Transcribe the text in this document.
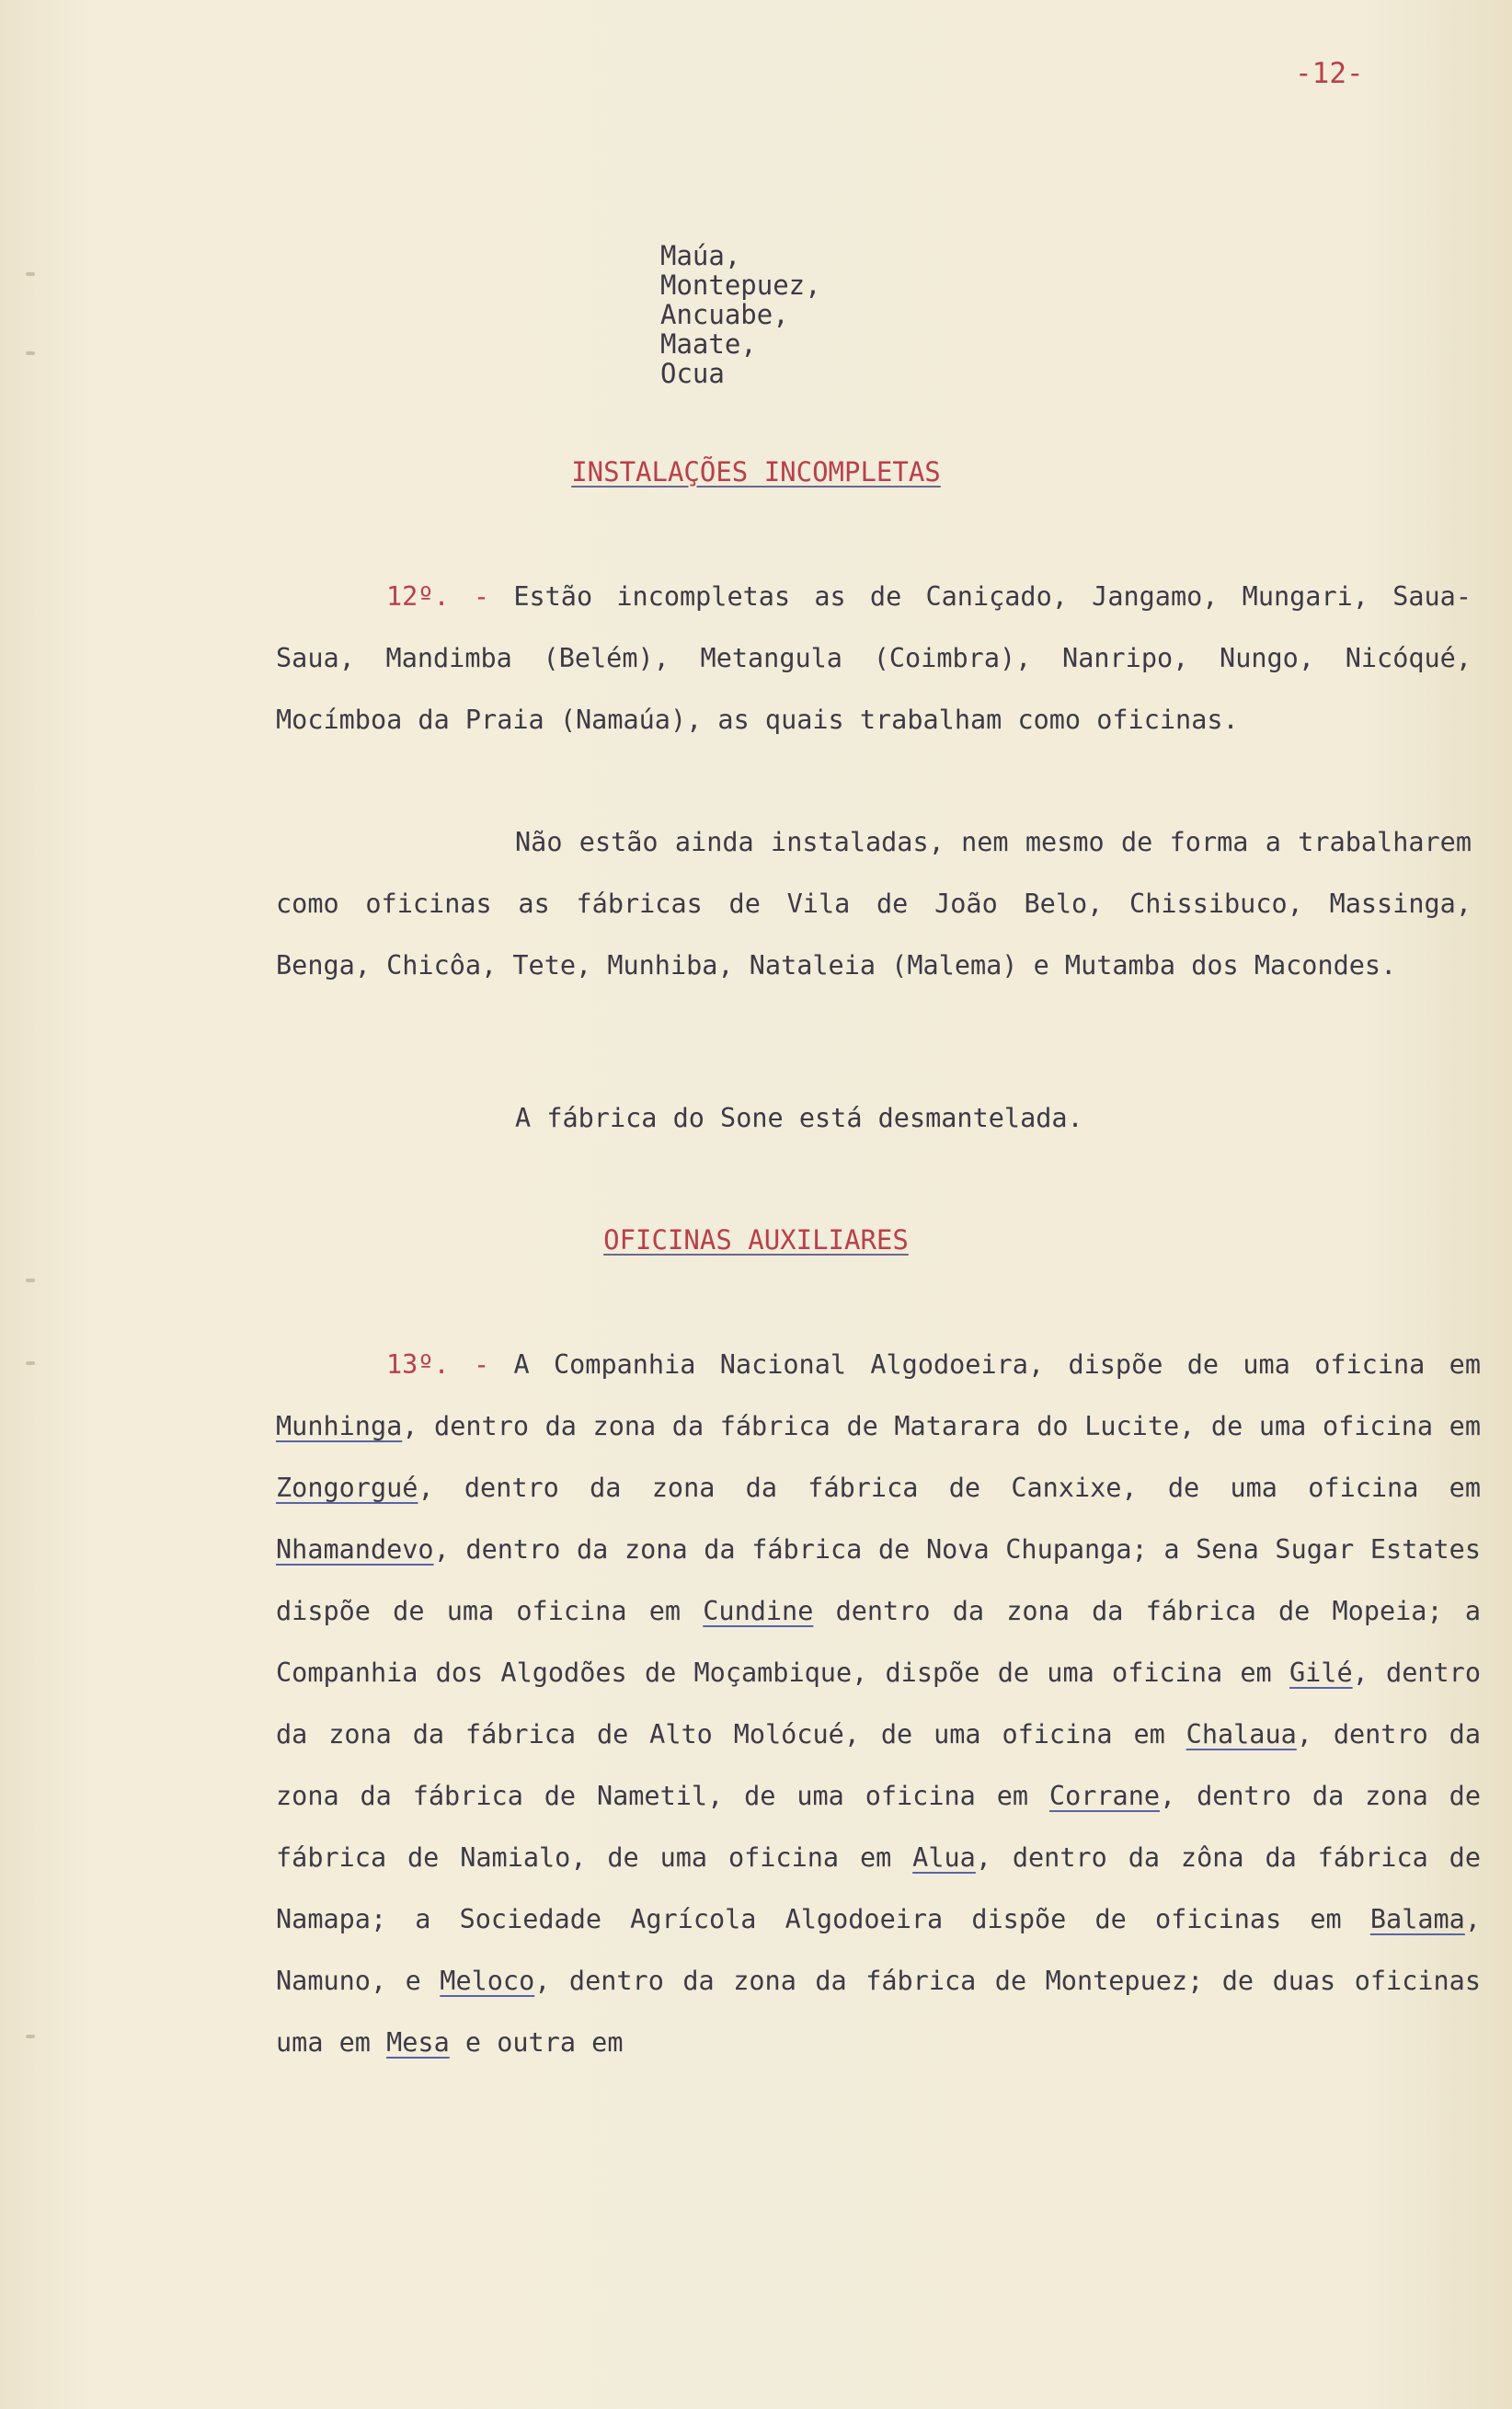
-12-
Maúa,
Montepuez,
Ancuabe,
Maate,
Ocua
INSTALAÇÕES INCOMPLETAS
12º. - Estão incompletas as de Caniçado, Jangamo, Mungari, Saua-Saua, Mandimba (Belém), Metangula (Coimbra), Nanripo, Nungo, Nicóqué, Mocímboa da Praia (Namaúa), as quais trabalham como oficinas.
Não estão ainda instaladas, nem mesmo de forma a trabalharem como oficinas as fábricas de Vila de João Belo, Chissibuco, Massinga, Benga, Chicôa, Tete, Munhiba, Nataleia (Malema) e Mutamba dos Macondes.
A fábrica do Sone está desmantelada.
OFICINAS AUXILIARES
13º. - A Companhia Nacional Algodoeira, dispõe de uma oficina em Munhinga, dentro da zona da fábrica de Matarara do Lucite, de uma oficina em Zongorgué, dentro da zona da fábrica de Canxixe, de uma oficina em Nhamandevo, dentro da zona da fábrica de Nova Chupanga; a Sena Sugar Estates dispõe de uma oficina em Cundine dentro da zona da fábrica de Mopeia; a Companhia dos Algodões de Moçambique, dispõe de uma oficina em Gilé, dentro da zona da fábrica de Alto Molócué, de uma oficina em Chalaua, dentro da zona da fábrica de Nametil, de uma oficina em Corrane, dentro da zona de fábrica de Namialo, de uma oficina em Alua, dentro da zôna da fábrica de Namapa; a Sociedade Agrícola Algodoeira dispõe de oficinas em Balama, Namuno, e Meloco, dentro da zona da fábrica de Montepuez; de duas oficinas uma em Mesa e outra em
